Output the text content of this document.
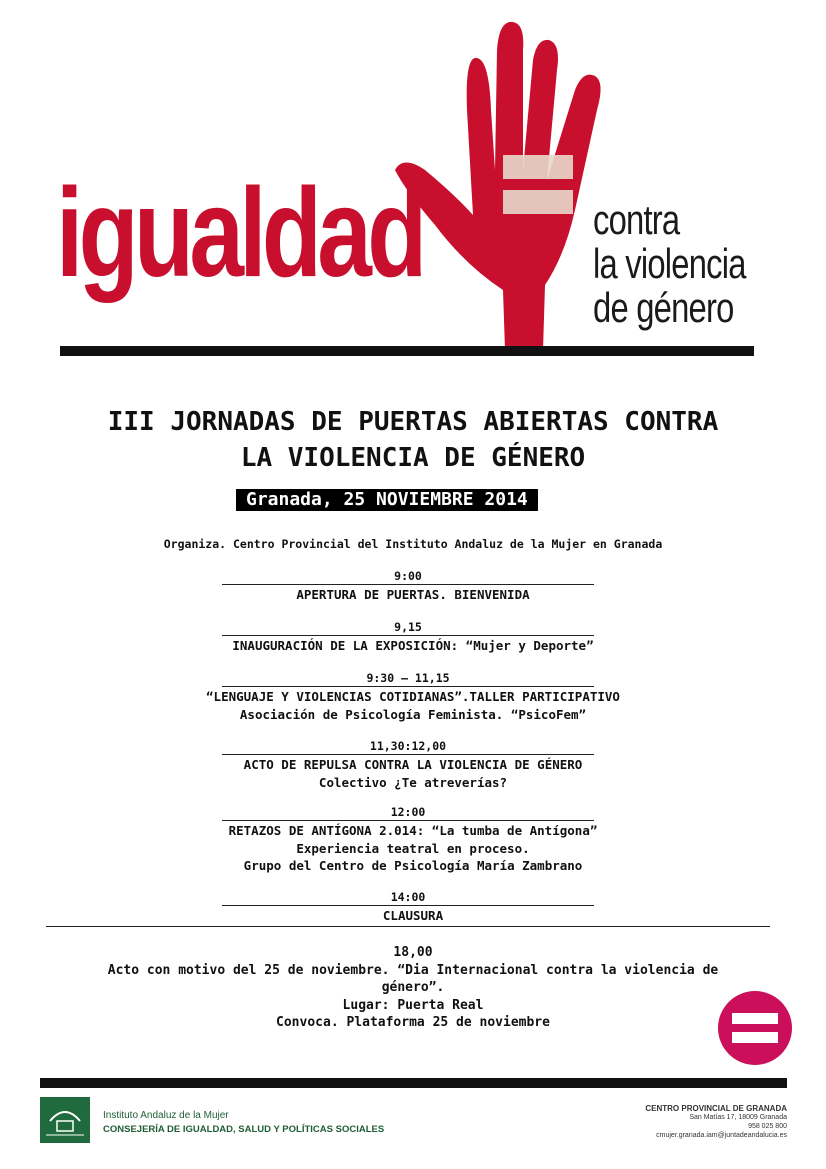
igualdad	contra
la violencia
de género
III JORNADAS DE PUERTAS ABIERTAS CONTRA
LA VIOLENCIA DE GÉNERO
Granada, 25 NOVIEMBRE 2014
Organiza. Centro Provincial del Instituto Andaluz de la Mujer en Granada
9:00
APERTURA DE PUERTAS. BIENVENIDA
9,15
INAUGURACIÓN DE LA EXPOSICIÓN: “Mujer y Deporte”
9:30 – 11,15
“LENGUAJE Y VIOLENCIAS COTIDIANAS”.TALLER PARTICIPATIVO
Asociación de Psicología Feminista. “PsicoFem”
11,30:12,00
ACTO DE REPULSA CONTRA LA VIOLENCIA DE GÉNERO
Colectivo ¿Te atreverías?
12:00
RETAZOS DE ANTÍGONA 2.014: “La tumba de Antígona”
Experiencia teatral en proceso.
Grupo del Centro de Psicología María Zambrano
14:00
CLAUSURA
18,00
Acto con motivo del 25 de noviembre. “Dia Internacional contra la violencia de
género”.
Lugar: Puerta Real
Convoca. Plataforma 25 de noviembre
Instituto Andaluz de la Mujer
CONSEJERÍA DE IGUALDAD, SALUD Y POLÍTICAS SOCIALES
CENTRO PROVINCIAL DE GRANADA
San Matías 17, 18009 Granada
958 025 800
cmujer.granada.iam@juntadeandalucia.es
